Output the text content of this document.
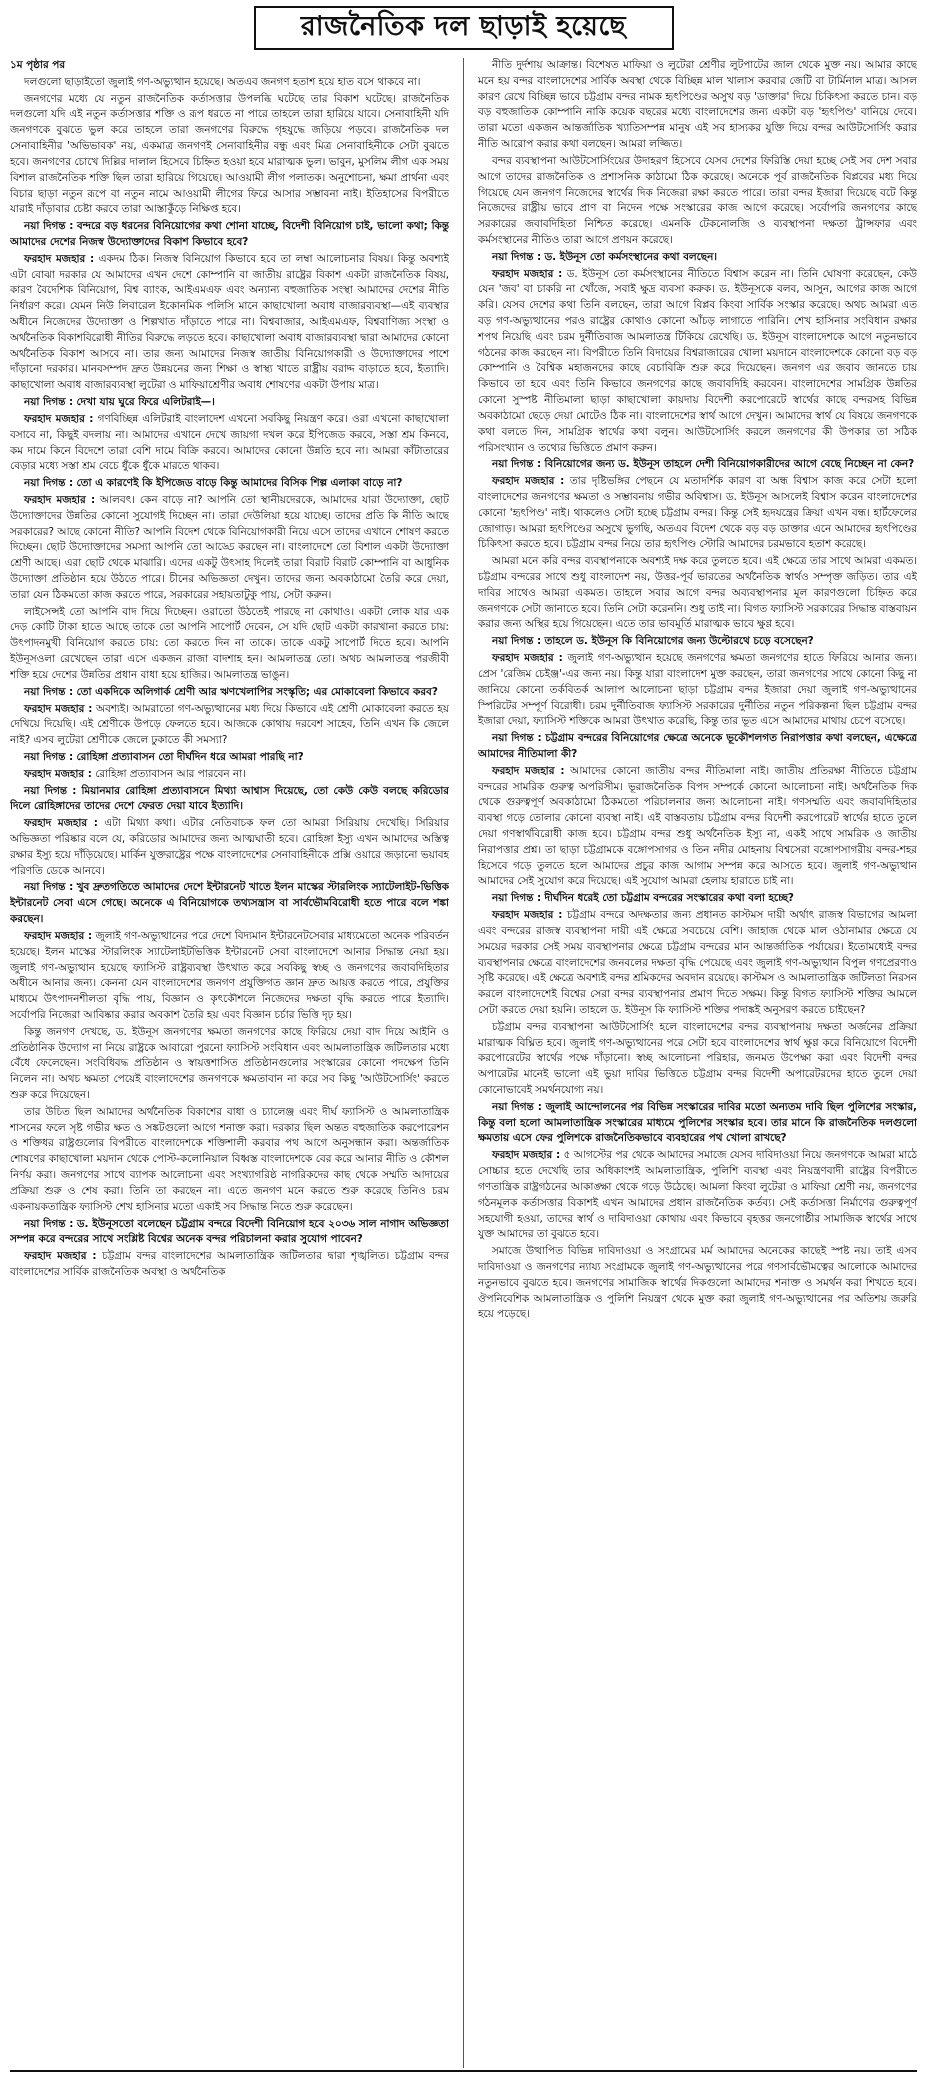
রাজনৈতিক দল ছাড়াই হয়েছে
১ম পৃষ্ঠার পর

দলগুলো ছাড়াইতো জুলাই গণ-অভ্যুত্থান হয়েছে। অতএব জনগণ হতাশ হয়ে হাত বসে থাকবে না।

জনগণের মধ্যে যে নতুন রাজনৈতিক কর্তাসত্তার উপলব্ধি ঘটেছে তার বিকাশ ঘটেছে। রাজনৈতিক দলগুলো যদি এই নতুন কর্তাসত্তার শক্তি ও রূপ ধরতে না পারে তাহলে তারা হারিয়ে যাবে। সেনাবাহিনী যদি জনগণকে বুঝতে ভুল করে তাহলে তারা জনগণের বিরুদ্ধে গৃহযুদ্ধে জড়িয়ে পড়বে। রাজনৈতিক দল সেনাবাহিনীর 'অভিভাবক' নয়, একমাত্র জনগণই সেনাবাহিনীর বন্ধু এবং মিত্র সেনাবাহিনীকে সেটা বুঝতে হবে। জনগণের চোখে দিল্লির দালাল হিসেবে চিহ্নিত হওয়া হবে মারাত্মক ভুল। ভাবুন, মুসলিম লীগ এক সময় বিশাল রাজনৈতিক শক্তি ছিল তারা হারিয়ে গিয়েছে। আওয়ামী লীগ পলাতক। অনুশোচনা, ক্ষমা প্রার্থনা এবং বিচার ছাড়া নতুন রূপে বা নতুন নামে আওয়ামী লীগের ফিরে আসার সম্ভাবনা নাই। ইতিহাসের বিপরীতে যারাই দাঁড়াবার চেষ্টা করবে তারা আস্তাকুঁড়ে নিক্ষিপ্ত হবে।

নয়া দিগন্ত : বন্দরে বড় ধরনের বিনিয়োগের কথা শোনা যাচ্ছে, বিদেশী বিনিয়োগ চাই, ভালো কথা; কিন্তু আমাদের দেশের নিজস্ব উদ্যোক্তাদের বিকাশ কিভাবে হবে?

ফরহাদ মজহার : একদম ঠিক। নিজস্ব বিনিয়োগ কিভাবে হবে তা লম্বা আলোচনার বিষয়। কিন্তু অবশ্যই এটা বোঝা দরকার যে আমাদের এখন দেশে কোম্পানি বা জাতীয় রাষ্ট্রের বিকাশ একটা রাজনৈতিক বিষয়, কারণ বৈদেশিক বিনিয়োগ, বিশ্ব ব্যাংক, আইএমএফ এবং অন্যান্য বহুজাতিক সংস্থা আমাদের দেশের নীতি নির্ধারণ করে। যেমন নিউ লিবারেল ইকোনমিক পলিসি মানে কাছাখোলা অবাধ বাজারব্যবস্থা—এই ব্যবস্থার অধীনে নিজেদের উদ্যোক্তা ও শিল্পখাত দাঁড়াতে পারে না। বিশ্ববাজার, আইএমএফ, বিশ্ববাণিজ্য সংস্থা ও অর্থনৈতিক বিকাশবিরোধী নীতির বিরুদ্ধে লড়তে হবে। কাছাখোলা অবাধ বাজারব্যবস্থা দ্বারা আমাদের কোনো অর্থনৈতিক বিকাশ আসবে না। তার জন্য আমাদের নিজস্ব জাতীয় বিনিয়োগকারী ও উদ্যোক্তাদের পাশে দাঁড়ানো দরকার। মানবসম্পদ দ্রুত উন্নয়নের জন্য শিক্ষা ও স্বাস্থ্য খাতে রাষ্ট্রীয় বরাদ্দ বাড়াতে হবে, ইত্যাদি। কাছাখোলা অবাধ বাজারব্যবস্থা লুটেরা ও মাফিয়াশ্রেণীর অবাধ শোষণের একটা উপায় মাত্র।

নয়া দিগন্ত : দেখা যায় ঘুরে ফিরে এলিটরাই—।

ফরহাদ মজহার : গণবিচ্ছিন্ন এলিটরাই বাংলাদেশ এখনো সবকিছু নিয়ন্ত্রণ করে। ওরা এখনো কাছাখোলা বসাবে না, কিছুই বদলায় না। আমাদের এখানে দেখে জায়গা দখল করে ইপিজেড করবে, সস্তা শ্রম কিনবে, কম দামে কিনে বিদেশে তারা বেশি দামে বিক্রি করবে। আমাদের কোনো উন্নতি হবে না। আমরা কাঁটাতারের বেড়ার মধ্যে সস্তা শ্রম বেচে ধুঁকে ধুঁকে মারতে থাকব।

নয়া দিগন্ত : তো এ কারণেই কি ইপিজেড বাড়ে কিন্তু আমাদের বিসিক শিল্প এলাকা বাড়ে না?

ফরহাদ মজহার : আলবৎ। কেন বাড়ে না? আপনি তো স্থানীয়দেরকে, আমাদের যারা উদ্যোক্তা, ছোট উদ্যোক্তাদের উন্নতির কোনো সুযোগই দিচ্ছেন না। তারা দেউলিয়া হয়ে যাচ্ছে। তাদের প্রতি কি নীতি আছে সরকারের? আছে কোনো নীতি? আপনি বিদেশ থেকে বিনিয়োগকারী নিয়ে এসে তাদের এখানে শোষণ করতে দিচ্ছেন। ছোট উদ্যোক্তাদের সমস্যা আপনি তো আড্ডে করছেন না। বাংলাদেশে তো বিশাল একটা উদ্যোক্তা শ্রেণী আছে। এরা ছোট থেকে মাঝারি। এদের একটু উৎসাহ দিলেই তারা বিরাট বিরাট কোম্পানি বা আধুনিক উদ্যোক্তা প্রতিষ্ঠান হয়ে উঠতে পারে। চীনের অভিজ্ঞতা দেখুন। তাদের জন্য অবকাঠামো তৈরি করে দেয়া, তারা যেন ঠিকমতো কাজ করতে পারে, সরকারের সহায়তাটুকু পায়, সেটা করুন।

লাইসেন্সই তো আপনি বাদ দিয়ে দিচ্ছেন। ওরাতো উঠতেই পারছে না কোথাও। একটা লোক যার এক দেড় কোটি টাকা হাতে আছে তাকে তো আপনি সাপোর্ট দেবেন, সে যদি ছোট একটা কারখানা করতে চায়: উৎপাদনমুখী বিনিয়োগ করতে চায়: তো করতে দিন না তাকে। তাকে একটু সাপোর্ট দিতে হবে। আপনি ইউনূসওলা রেখেছেন তারা এসে একজন রাজা বাদশাহ হন। আমলাতন্ত্র তো। অথচ আমলাতন্ত্র পরজীবী শক্তি হয়ে দেশের উন্নতির প্রধান বাধা হয়ে হাজির। আমলাতন্ত্র ভাঙুন।

নয়া দিগন্ত : তো একদিকে অলিগার্ক শ্রেণী আর ঋণখেলাপির সংস্কৃতি; এর মোকাবেলা কিভাবে করব?

ফরহাদ মজহার : অবশ্যই। আমরাতো গণ-অভ্যুত্থানের মধ্য দিয়ে কিভাবে এই শ্রেণী মোকাবেলা করতে হয় দেখিয়ে দিয়েছি। এই শ্রেণীকে উপড়ে ফেলতে হবে। আজকে কোথায় দরবেশ সাহেব, তিনি এখন কি জেলে নাই? এসব লুটেরা শ্রেণীকে জেলে ঢুকাতে কী সমস্যা?

নয়া দিগন্ত : রোহিঙ্গা প্রত্যাবাসন তো দীর্ঘদিন ধরে আমরা পারছি না?

ফরহাদ মজহার : রোহিঙ্গা প্রত্যাবাসন আর পারবেন না।

নয়া দিগন্ত : মিয়ানমার রোহিঙ্গা প্রত্যাবাসনে মিথ্যা আশ্বাস দিয়েছে, তো কেউ কেউ বলছে করিডোর দিলে রোহিঙ্গাদের তাদের দেশে ফেরত দেয়া যাবে ইত্যাদি।

ফরহাদ মজহার : এটা মিথ্যা কথা। এটার নেতিবাচক ফল তো আমরা সিরিয়ায় দেখেছি। সিরিয়ার অভিজ্ঞতা পরিষ্কার বলে যে, করিডোর আমাদের জন্য আত্মঘাতী হবে। রোহিঙ্গা ইস্যু এখন আমাদের অস্তিত্ব রক্ষার ইস্যু হয়ে দাঁড়িয়েছে। মার্কিন যুক্তরাষ্ট্রের পক্ষে বাংলাদেশের সেনাবাহিনীকে প্রক্সি ওয়ারে জড়ানো ভয়াবহ পরিণতি ডেকে আনবে।

নয়া দিগন্ত : খুব দ্রুতগতিতে আমাদের দেশে ইন্টারনেট খাতে ইলন মাস্কের স্টারলিংক স্যাটেলাইট-ভিত্তিক ইন্টারনেট সেবা এসে গেছে। অনেকে এ বিনিয়োগকে তথ্যসন্ত্রাস বা সার্বভৌমবিরোধী হতে পারে বলে শঙ্কা করছেন।

ফরহাদ মজহার : জুলাই গণ-অভ্যুত্থানের পরে দেশে বিদ্যমান ইন্টারনেটসেবার মাধ্যমেতো অনেক পরিবর্তন হয়েছে। ইলন মাস্কের স্টারলিংক স্যাটেলাইটভিত্তিক ইন্টারনেট সেবা বাংলাদেশে আনার সিদ্ধান্ত নেয়া হয়। জুলাই গণ-অভ্যুত্থান হয়েছে ফ্যাসিস্ট রাষ্ট্রব্যবস্থা উৎখাত করে সবকিছু স্বচ্ছ ও জনগণের জবাবদিহিতার অধীনে আনার জন্য। কেননা যেন বাংলাদেশের জনগণ প্রযুক্তিগত জ্ঞান দ্রুত আয়ত্ত করতে পারে, প্রযুক্তির মাধ্যমে উৎপাদনশীলতা বৃদ্ধি পায়, বিজ্ঞান ও কৃৎকৌশলে নিজেদের দক্ষতা বৃদ্ধি করতে পারে ইত্যাদি। সর্বোপরি নিজেরা আবিষ্কার করার অবকাশ তৈরি হয় এবং বিজ্ঞান চর্চার ভিত্তি দৃঢ় হয়।

কিন্তু জনগণ দেখছে, ড. ইউনূস জনগণের ক্ষমতা জনগণের কাছে ফিরিয়ে দেয়া বাদ দিয়ে আইনি ও প্রতিষ্ঠানিক উদ্যোগ না নিয়ে রাষ্ট্রকে আবারো পুরনো ফ্যাসিস্ট সংবিধান এবং আমলাতান্ত্রিক জটিলতার মধ্যে বেঁধে ফেলেছেন। সংবিধিবদ্ধ প্রতিষ্ঠান ও স্বায়ত্তশাসিত প্রতিষ্ঠানগুলোর সংস্কারের কোনো পদক্ষেপ তিনি নিলেন না। অথচ ক্ষমতা পেয়েই বাংলাদেশের জনগণকে ক্ষমতাবান না করে সব কিছু 'আউটসোর্সিং' করতে শুরু করে দিয়েছেন।

তার উচিত ছিল আমাদের অর্থনৈতিক বিকাশের বাধা ও চ্যালেঞ্জ এবং দীর্ঘ ফ্যাসিস্ট ও আমলাতান্ত্রিক শাসনের ফলে সৃষ্ট গভীর ক্ষত ও সঙ্কটগুলো আগে শনাক্ত করা। দরকার ছিল অন্তত বহুজাতিক করপোরেশন ও শক্তিধর রাষ্ট্রগুলোর বিপরীতে বাংলাদেশকে শক্তিশালী করবার পথ আগে অনুসন্ধান করা। অন্তর্জাতিক শোষণের কাছাখোলা ময়দান থেকে পোস্ট-কলোনিয়াল বিধ্বস্ত বাংলাদেশকে বের করে আনার নীতি ও কৌশল নির্ণয় করা। জনগণের সাথে ব্যাপক আলোচনা এবং সংখ্যাগরিষ্ঠ নাগরিকদের কাছ থেকে সম্মতি আদায়ের প্রক্রিয়া শুরু ও শেষ করা। তিনি তা করছেন না। এতে জনগণ মনে করতে শুরু করেছে তিনিও চরম একনায়কতান্ত্রিক ফ্যাসিস্ট শেখ হাসিনার মতো একাই সব সিদ্ধান্ত নিতে শুরু করেছেন।

নয়া দিগন্ত : ড. ইউনূসতো বলেছেন চট্টগ্রাম বন্দরে বিদেশী বিনিয়োগ হবে ২০৩৬ সাল নাগাদ অভিজ্ঞতা সম্পন্ন করে বন্দরের সাথে সংশ্লিষ্ট বিশ্বের অনেক বন্দর পরিচালনা করার সুযোগ পাবেন?

ফরহাদ মজহার : চট্টগ্রাম বন্দর বাংলাদেশের আমলাতান্ত্রিক জটিলতার দ্বারা শৃঙ্খলিত। চট্টগ্রাম বন্দর বাংলাদেশের সার্বিক রাজনৈতিক অবস্থা ও অর্থনৈতিক

নীতি দুর্দশায় আক্রান্ত। বিশেষত মাফিয়া ও লুটেরা শ্রেণীর লুটপাটের জাল থেকে মুক্ত নয়। আমার কাছে মনে হয় বন্দর বাংলাদেশের সার্বিক অবস্থা থেকে বিচ্ছিন্ন মাল খালাস করবার জেটি বা টার্মিনাল মাত্র। আসল কারণ রেখে বিচ্ছিন্ন ভাবে চট্টগ্রাম বন্দর নামক হৃৎপিণ্ডের অসুখ বড় 'ডাক্তার' দিয়ে চিকিৎসা করতে চান। বড় বড় বহুজাতিক কোম্পানি নাকি কয়েক বছরের মধ্যে বাংলাদেশের জন্য একটা বড় 'হৃৎপিণ্ড' বানিয়ে দেবে। তারা মতো একজন আন্তর্জাতিক খ্যাতিসম্পন্ন মানুষ এই সব হাস্যকর যুক্তি দিয়ে বন্দর আউটসোর্সিং করার নীতি আরোপ করার কথা বলছেন। আমরা লজ্জিত।

বন্দর ব্যবস্থাপনা আউটসোর্সিংয়ের উদাহরণ হিসেবে যেসব দেশের ফিরিস্তি দেয়া হচ্ছে সেই সব দেশ সবার আগে তাদের রাজনৈতিক ও প্রশাসনিক কাঠামো ঠিক করেছে। অনেকে পূর্ব রাজনৈতিক বিপ্লবের মধ্য দিয়ে গিয়েছে যেন জনগণ নিজেদের স্বার্থের দিক নিজেরা রক্ষা করতে পারে। তারা বন্দর ইজারা দিয়েছে বটে কিন্তু নিজেদের রাষ্ট্রীয় ভাবে প্রাণ বা নিদেন পক্ষে সংস্কারের কাজ আগে করেছে। সর্বোপরি জনগণের কাছে সরকারের জবাবদিহিতা নিশ্চিত করেছে। এমনকি টেকনোলজি ও ব্যবস্থাপনা দক্ষতা ট্রান্সফার এবং কর্মসংস্থানের নীতিও তারা আগে প্রণয়ন করেছে।

নয়া দিগন্ত : ড. ইউনূস তো কর্মসংস্থানের কথা বলছেন।

ফরহাদ মজহার : ড. ইউনূস তো কর্মসংস্থানের নীতিতে বিশ্বাস করেন না। তিনি ঘোষণা করেছেন, কেউ যেন 'জব' বা চাকরি না খোঁজে, সবাই ক্ষুদ্র ব্যবসা করুক। ড. ইউনূসকে বলব, আসুন, আগের কাজ আগে করি। যেসব দেশের কথা তিনি বলছেন, তারা আগে বিপ্লব কিংবা সার্বিক সংস্কার করেছে। অথচ আমরা এত বড় গণ-অভ্যুত্থানের পরও রাষ্ট্রের কোথাও কোনো আঁচড় লাগাতে পারিনি। শেখ হাসিনার সংবিধান রক্ষার শপথ নিয়েছি এবং চরম দুর্নীতিবাজ আমলাতন্ত্র টিকিয়ে রেখেছি। ড. ইউনূস বাংলাদেশকে আগে নতুনভাবে গঠনের কাজ করছেন না। বিপরীতে তিনি বিদায়ের বিশ্বরাজারের খোলা ময়দানে বাংলাদেশকে কোনো বড় বড় কোম্পানি ও বৈশ্বিক মহাজনদের কাছে বেচাবিক্রি শুরু করে দিয়েছেন। জনগণ এর জবাব জানতে চায় কিভাবে তা হবে এবং তিনি কিভাবে জনগণের কাছে জবাবদিহি করবেন। বাংলাদেশের সামগ্রিক উন্নতির কোনো সুস্পষ্ট নীতিমালা ছাড়া কাছাখোলা কায়দায় বিদেশী করপোরেটে স্বার্থের কাছে বন্দরসহ বিভিন্ন অবকাঠামো ছেড়ে দেয়া মোটেও ঠিক না। বাংলাদেশের স্বার্থ আগে দেখুন। আমাদের স্বার্থ যে বিষয়ে জনগণকে কথা বলতে দিন, সামগ্রিক স্বার্থের কথা বলুন। আউটসোর্সিং করলে জনগণের কী উপকার তা সঠিক পরিসংখ্যান ও তথ্যের ভিত্তিতে প্রমাণ করুন।

নয়া দিগন্ত : বিনিয়োগের জন্য ড. ইউনূস তাহলে দেশী বিনিয়োগকারীদের আগে বেছে নিচ্ছেন না কেন?

ফরহাদ মজহার : তার দৃষ্টিভঙ্গির পেছনে যে মতাদর্শিক কারণ বা অন্ধ বিশ্বাস কাজ করে সেটা হলো বাংলাদেশের জনগণের ক্ষমতা ও সম্ভাবনায় গভীর অবিশ্বাস। ড. ইউনূস আসলেই বিশ্বাস করেন বাংলাদেশের কোনো 'হৃৎপিণ্ড' নাই। থাকলেও সেটা হচ্ছে চট্টগ্রাম বন্দর। কিন্তু সেই হৃদযন্ত্রের ক্রিয়া এখন বন্ধ। হার্টফেলের জোগাড়। আমরা হৃৎপিণ্ডের অসুখে ভুগছি, অতএব বিদেশ থেকে বড় বড় ডাক্তার এনে আমাদের হৃৎপিণ্ডের চিকিৎসা করতে হবে। চট্টগ্রাম বন্দর নিয়ে তার হৃৎপিণ্ড স্টোরি আমাদের চরমভাবে হতাশ করেছে।

আমরা মনে করি বন্দর ব্যবস্থাপনাকে অবশ্যই দক্ষ করে তুলতে হবে। এই ক্ষেত্রে তার সাথে আমরা একমত। চট্টগ্রাম বন্দরের সাথে শুধু বাংলাদেশ নয়, উত্তর-পূর্ব ভারতের অর্থনৈতিক স্বার্থও সম্পৃক্ত জড়িত। তার এই দাবির সাথেও আমরা একমত। তাহলে সবার আগে বন্দর অব্যবস্থাপনার মূল কারণগুলো চিহ্নিত করে জনগণকে সেটা জানাতে হবে। তিনি সেটা করেননি। শুধু তাই না। বিগত ফ্যাসিস্ট সরকারের সিদ্ধান্ত বাস্তবায়ন করার জন্য অস্থির হয়ে গিয়েছেন। এতে তার ভাবমূর্তি মারাত্মক ভাবে ক্ষুণ্ণ হবে।

নয়া দিগন্ত : তাহলে ড. ইউনূস কি বিনিয়োগের জন্য উল্টোরথে চড়ে বসেছেন?

ফরহাদ মজহার : জুলাই গণ-অভ্যুত্থান হয়েছে জনগণের ক্ষমতা জনগণের হাতে ফিরিয়ে আনার জন্য। প্রেস 'রেজিম চেইঞ্জ'-এর জন্য নয়। কিন্তু যারা বাংলাদেশ মুক্ত করছেন, তারা জনগণের সাথে কোনো কিছু না জানিয়ে কোনো তর্কবিতর্ক আলাপ আলোচনা ছাড়া চট্টগ্রাম বন্দর ইজারা দেয়া জুলাই গণ-অভ্যুত্থানের স্পিরিটের সম্পূর্ণ বিরোধী। চরম দুর্নীতিবাজ ফ্যাসিস্ট সরকারের দুর্নীতির নতুন পরিকল্পনা ছিল চট্টগ্রাম বন্দর ইজারা দেয়া, ফ্যাসিস্ট শক্তিকে আমরা উৎখাত করেছি, কিন্তু তার ভূত এসে আমাদের মাথায় চেপে বসেছে।

নয়া দিগন্ত : চট্টগ্রাম বন্দরের বিনিয়োগের ক্ষেত্রে অনেকে ভূকৌশলগত নিরাপত্তার কথা বলছেন, এক্ষেত্রে আমাদের নীতিমালা কী?

ফরহাদ মজহার : আমাদের কোনো জাতীয় বন্দর নীতিমালা নাই। জাতীয় প্রতিরক্ষা নীতিতে চট্টগ্রাম বন্দরের সামরিক গুরুত্ব অপরিসীম। ভূরাজনৈতিক বিপদ সম্পর্কে কোনো আলোচনা নাই। অর্থনৈতিক দিক থেকে গুরুত্বপূর্ণ অবকাঠামো ঠিকমতো পরিচালনার জন্য আলোচনা নাই। গণসম্মতি এবং জবাবদিহিতার ব্যবস্থা গড়ে তোলার কোনো ব্যবস্থা নাই। এই বাস্তবতায় চট্টগ্রাম বন্দর বিদেশী করপোরেট স্বার্থের হাতে তুলে দেয়া গণস্বার্থবিরোধী কাজ হবে। চট্টগ্রাম বন্দর শুধু অর্থনৈতিক ইস্যু না, একই সাথে সামরিক ও জাতীয় নিরাপত্তার প্রশ্ন। তা ছাড়া চট্টগ্রামকে বঙ্গোপসাগর ও তিন নদীর মোহনায় বিশ্বসেরা বঙ্গোপসাগরীয় বন্দর-শহর হিসেবে গড়ে তুলতে হলে আমাদের প্রচুর কাজ আগাম সম্পন্ন করে আসতে হবে। জুলাই গণ-অভ্যুত্থান আমাদের সেই সুযোগ করে দিয়েছে। এই সুযোগ আমরা হেলায় হারাতে চাই না।

নয়া দিগন্ত : দীর্ঘদিন ধরেই তো চট্টগ্রাম বন্দরের সংস্কারের কথা বলা হচ্ছে?

ফরহাদ মজহার : চট্টগ্রাম বন্দরে অদক্ষতার জন্য প্রধানত কাস্টমস দায়ী অর্থাৎ রাজস্ব বিভাগের আমলা এবং বন্দরের রাজস্ব ব্যবস্থাপনা দায়ী এই ক্ষেত্রে সবচেয়ে বেশি। জাহাজ থেকে মাল ওঠানামার ক্ষেত্রে যে সময়ের দরকার সেই সময় ব্যবস্থাপনার ক্ষেত্রে চট্টগ্রাম বন্দরের মান আন্তর্জাতিক পর্যায়ের। ইতোমধ্যেই বন্দর ব্যবস্থাপনার ক্ষেত্রে বাংলাদেশের জনবলের দক্ষতা বৃদ্ধি পেয়েছে এবং জুলাই গণ-অভ্যুত্থান বিপুল গণপ্রেরণাও সৃষ্টি করেছে। এই ক্ষেত্রে অবশ্যই বন্দর শ্রমিকদের অবদান রয়েছে। কাস্টমস ও আমলাতান্ত্রিক জটিলতা নিরসন করলে বাংলাদেশেই বিশ্বের সেরা বন্দর ব্যবস্থাপনার প্রমাণ দিতে সক্ষম। কিন্তু বিগত ফ্যাসিস্ট শক্তির আমলে সেটা করতে দেয়া হয়নি। তাহলে ড. ইউনূস কি ফ্যাসিস্ট শক্তির পদাঙ্কই অনুসরণ করতে চাইছেন?

চট্টগ্রাম বন্দর ব্যবস্থাপনা আউটসোর্সিং হলে বাংলাদেশের বন্দর ব্যবস্থাপনায় দক্ষতা অর্জনের প্রক্রিয়া মারাত্মক বিঘ্নিত হবে। জুলাই গণ-অভ্যুত্থানের পরে সেটা হবে বাংলাদেশের স্বার্থ ক্ষুণ্ণ করে বিনিয়োগে বিদেশী করপোরেটের স্বার্থের পক্ষে দাঁড়ানো। স্বচ্ছ আলোচনা পরিহার, জনমত উপেক্ষা করা এবং বিদেশী বন্দর অপারেটর মানেই ভালো এই ভুয়া দাবির ভিত্তিতে চট্টগ্রাম বন্দর বিদেশী অপারেটরদের হাতে তুলে দেয়া কোনোভাবেই সমর্থনযোগ্য নয়।

নয়া দিগন্ত : জুলাই আন্দোলনের পর বিভিন্ন সংস্কারের দাবির মতো অন্যতম দাবি ছিল পুলিশের সংস্কার, কিন্তু বলা হলো আমলাতান্ত্রিক সংস্কারের মাধ্যমে পুলিশের সংস্কার হবে। তার মানে কি রাজনৈতিক দলগুলো ক্ষমতায় এসে ফের পুলিশকে রাজনৈতিকভাবে ব্যবহারের পথ খোলা রাখছে?

ফরহাদ মজহার : ৫ আগস্টের পর থেকে আমাদের সমাজে যেসব দাবিদাওয়া নিয়ে জনগণকে আমরা মাঠে সোচ্চার হতে দেখেছি তার অধিকাংশই আমলাতান্ত্রিক, পুলিশি ব্যবস্থা এবং নিয়ন্ত্রণবাদী রাষ্ট্রের বিপরীতে গণতান্ত্রিক রাষ্ট্রগঠনের আকাঙ্ক্ষা থেকে গড়ে উঠেছে। আমলা কিংবা লুটেরা ও মাফিয়া শ্রেণী নয়, জনগণের গঠনমূলক কর্তাসত্তার বিকাশই এখন আমাদের প্রধান রাজনৈতিক কর্তব্য। সেই কর্তাসত্তা নির্মাণের গুরুত্বপূর্ণ সহযোগী হওয়া, তাদের স্বার্থ ও দাবিদাওয়া কোথায় এবং কিভাবে বৃহত্তর জনগোষ্ঠীর সামাজিক স্বার্থের সাথে যুক্ত আমাদের তা বুঝতে হবে।

সমাজে উত্থাপিত বিভিন্ন দাবিদাওয়া ও সংগ্রামের মর্ম আমাদের অনেকের কাছেই স্পষ্ট নয়। তাই এসব দাবিদাওয়া ও জনগণের ন্যায্য সংগ্রামকে জুলাই গণ-অভ্যুত্থানের পরে গণসার্বভৌমত্বের আলোকে আমাদের নতুনভাবে বুঝতে হবে। জনগণের সামাজিক স্বার্থের দিকগুলো আমাদের শনাক্ত ও সমর্থন করা শিখতে হবে। ঔপনিবেশিক আমলাতান্ত্রিক ও পুলিশি নিয়ন্ত্রণ থেকে মুক্ত করা জুলাই গণ-অভ্যুত্থানের পর অতিশয় জরুরি হয়ে পড়েছে।
